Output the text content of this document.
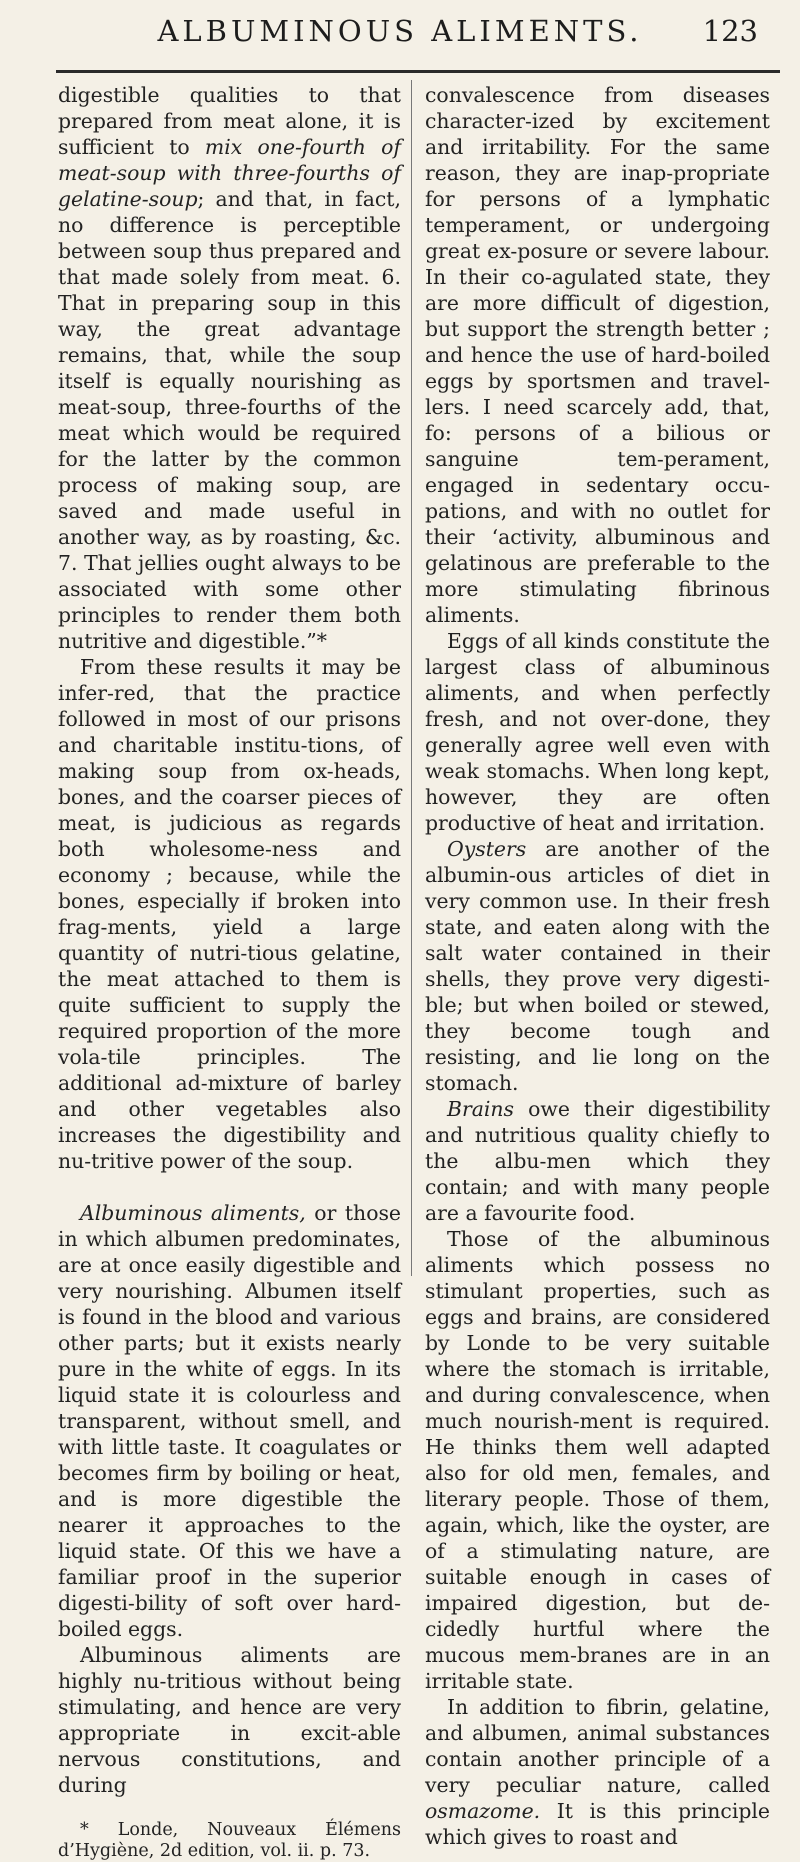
ALBUMINOUS ALIMENTS.	123

digestible qualities to that prepared from meat alone, it is sufficient to mix one-fourth of meat-soup with three-fourths of gelatine-soup; and that, in fact, no difference is perceptible between soup thus prepared and that made solely from meat. 6. That in preparing soup in this way, the great advantage remains, that, while the soup itself is equally nourishing as meat-soup, three-fourths of the meat which would be required for the latter by the common process of making soup, are saved and made useful in another way, as by roasting, &c. 7. That jellies ought always to be associated with some other principles to render them both nutritive and digestible.”*

From these results it may be infer-red, that the practice followed in most of our prisons and charitable institu-tions, of making soup from ox-heads, bones, and the coarser pieces of meat, is judicious as regards both wholesome-ness and economy ; because, while the bones, especially if broken into frag-ments, yield a large quantity of nutri-tious gelatine, the meat attached to them is quite sufficient to supply the required proportion of the more vola-tile principles. The additional ad-mixture of barley and other vegetables also increases the digestibility and nu-tritive power of the soup.

Albuminous aliments, or those in which albumen predominates, are at once easily digestible and very nourishing. Albumen itself is found in the blood and various other parts; but it exists nearly pure in the white of eggs. In its liquid state it is colourless and transparent, without smell, and with little taste. It coagulates or becomes firm by boiling or heat, and is more digestible the nearer it approaches to the liquid state. Of this we have a familiar proof in the superior digesti-bility of soft over hard-boiled eggs.

Albuminous aliments are highly nu-tritious without being stimulating, and hence are very appropriate in excit-able nervous constitutions, and during

* Londe, Nouveaux Élémens d’Hygiène, 2d edition, vol. ii. p. 73.

convalescence from diseases character-ized by excitement and irritability. For the same reason, they are inap-propriate for persons of a lymphatic temperament, or undergoing great ex-posure or severe labour. In their co-agulated state, they are more difficult of digestion, but support the strength better ; and hence the use of hard-boiled eggs by sportsmen and travel-lers. I need scarcely add, that, fo: persons of a bilious or sanguine tem-perament, engaged in sedentary occu-pations, and with no outlet for their ‘activity, albuminous and gelatinous are preferable to the more stimulating fibrinous aliments.

Eggs of all kinds constitute the largest class of albuminous aliments, and when perfectly fresh, and not over-done, they generally agree well even with weak stomachs. When long kept, however, they are often productive of heat and irritation.

Oysters are another of the albumin-ous articles of diet in very common use. In their fresh state, and eaten along with the salt water contained in their shells, they prove very digesti-ble; but when boiled or stewed, they become tough and resisting, and lie long on the stomach.

Brains owe their digestibility and nutritious quality chiefly to the albu-men which they contain; and with many people are a favourite food.

Those of the albuminous aliments which possess no stimulant properties, such as eggs and brains, are considered by Londe to be very suitable where the stomach is irritable, and during convalescence, when much nourish-ment is required. He thinks them well adapted also for old men, females, and literary people. Those of them, again, which, like the oyster, are of a stimulating nature, are suitable enough in cases of impaired digestion, but de-cidedly hurtful where the mucous mem-branes are in an irritable state.

In addition to fibrin, gelatine, and albumen, animal substances contain another principle of a very peculiar nature, called osmazome. It is this principle which gives to roast and
